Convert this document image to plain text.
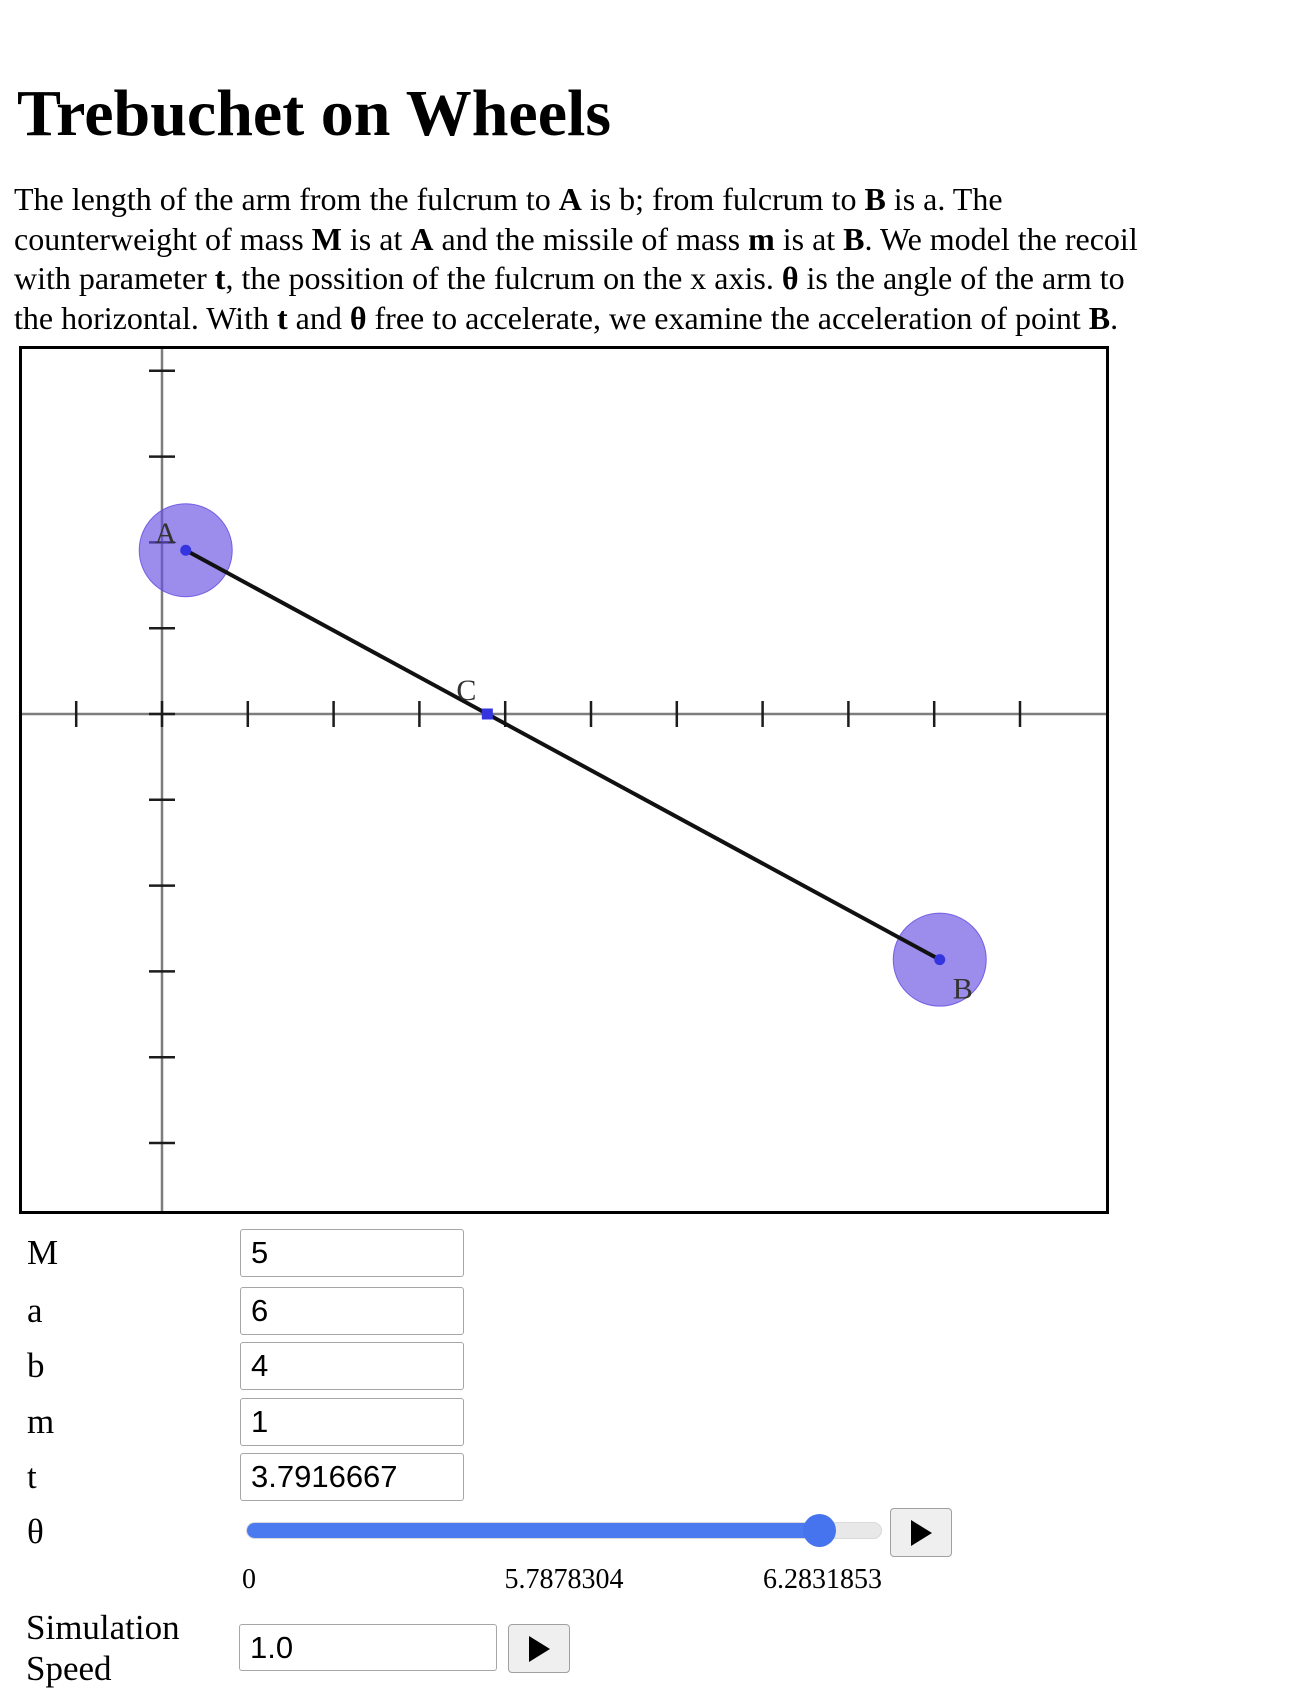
Trebuchet on Wheels
The length of the arm from the fulcrum to A is b; from fulcrum to B is a. The
counterweight of mass M is at A and the missile of mass m is at B. We model the recoil
with parameter t, the possition of the fulcrum on the x axis. θ is the angle of the arm to
the horizontal. With t and θ free to accelerate, we examine the acceleration of point B.
A
B
C
M
5
a
6
b
4
m
1
t
3.7916667
θ
0	5.7878304	6.2831853
Simulation
Speed
1.0
